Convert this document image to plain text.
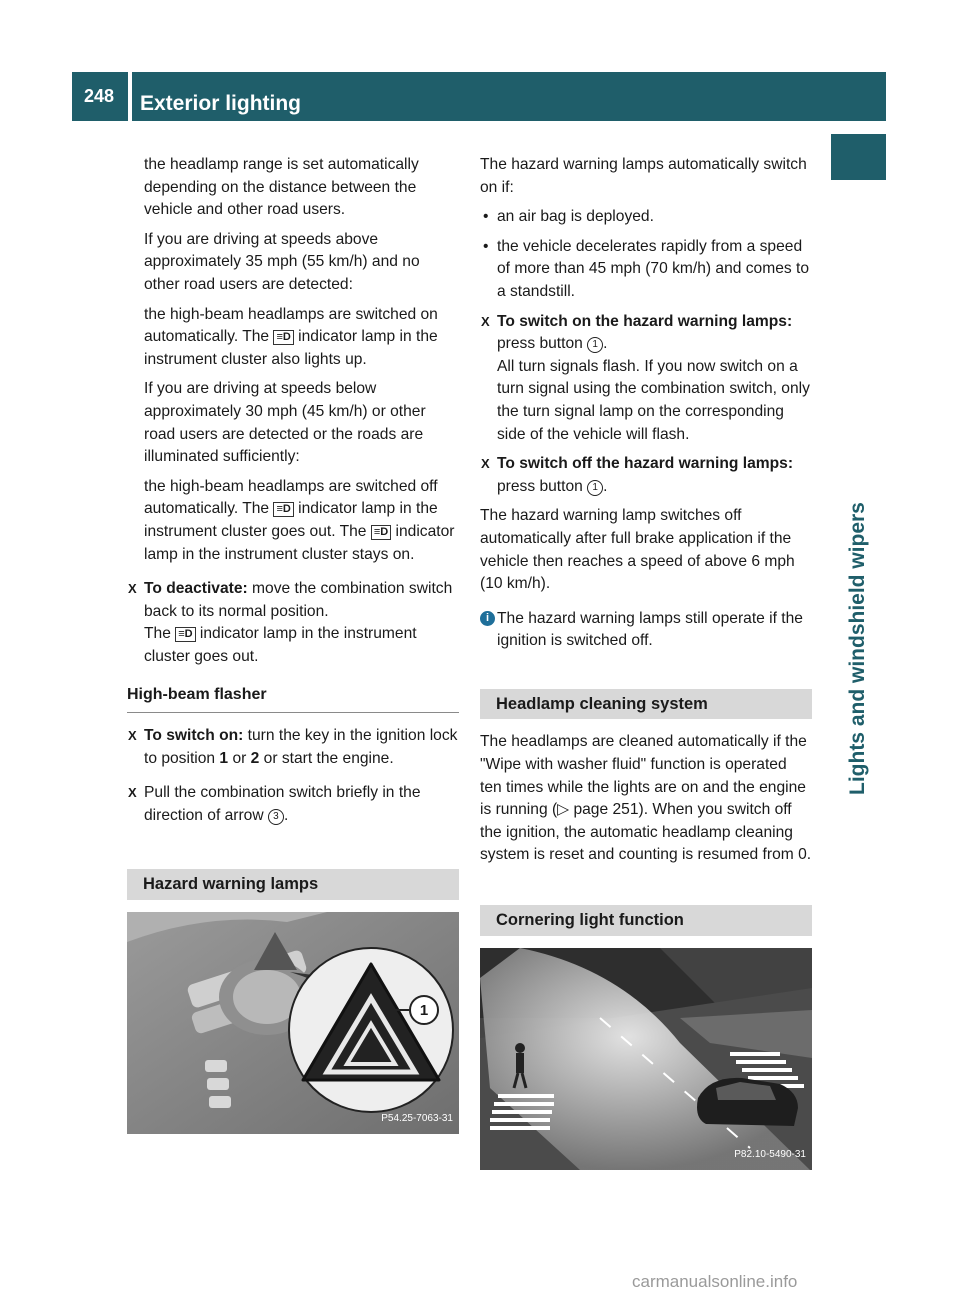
248	Exterior lighting
Lights and windshield wipers

the headlamp range is set automatically depending on the distance between the vehicle and other road users.

If you are driving at speeds above approximately 35 mph (55 km/h) and no other road users are detected:

the high-beam headlamps are switched on automatically. The ≡D indicator lamp in the instrument cluster also lights up.

If you are driving at speeds below approximately 30 mph (45 km/h) or other road users are detected or the roads are illuminated sufficiently:

the high-beam headlamps are switched off automatically. The ≡D indicator lamp in the instrument cluster goes out. The ≡D indicator lamp in the instrument cluster stays on.

X To deactivate: move the combination switch back to its normal position.

The ≡D indicator lamp in the instrument cluster goes out.

High-beam flasher
X To switch on: turn the key in the ignition lock to position 1 or 2 or start the engine.

X Pull the combination switch briefly in the direction of arrow 3 .

Hazard warning lamps
1
P54.25-7063-31

The hazard warning lamps automatically switch on if:

• an air bag is deployed.

• the vehicle decelerates rapidly from a speed of more than 45 mph (70 km/h) and comes to a standstill.

X To switch on the hazard warning lamps:

press button 1 .

All turn signals flash. If you now switch on a turn signal using the combination switch, only the turn signal lamp on the corresponding side of the vehicle will flash.

X To switch off the hazard warning lamps: press button 1 .

The hazard warning lamp switches off automatically after full brake application if the vehicle then reaches a speed of above 6 mph (10 km/h).

i The hazard warning lamps still operate if the ignition is switched off.

Headlamp cleaning system

The headlamps are cleaned automatically if the "Wipe with washer fluid" function is operated ten times while the lights are on and the engine is running (▷ page 251). When you switch off the ignition, the automatic headlamp cleaning system is reset and counting is resumed from 0.

Cornering light function
P82.10-5490-31
carmanualsonline.info
